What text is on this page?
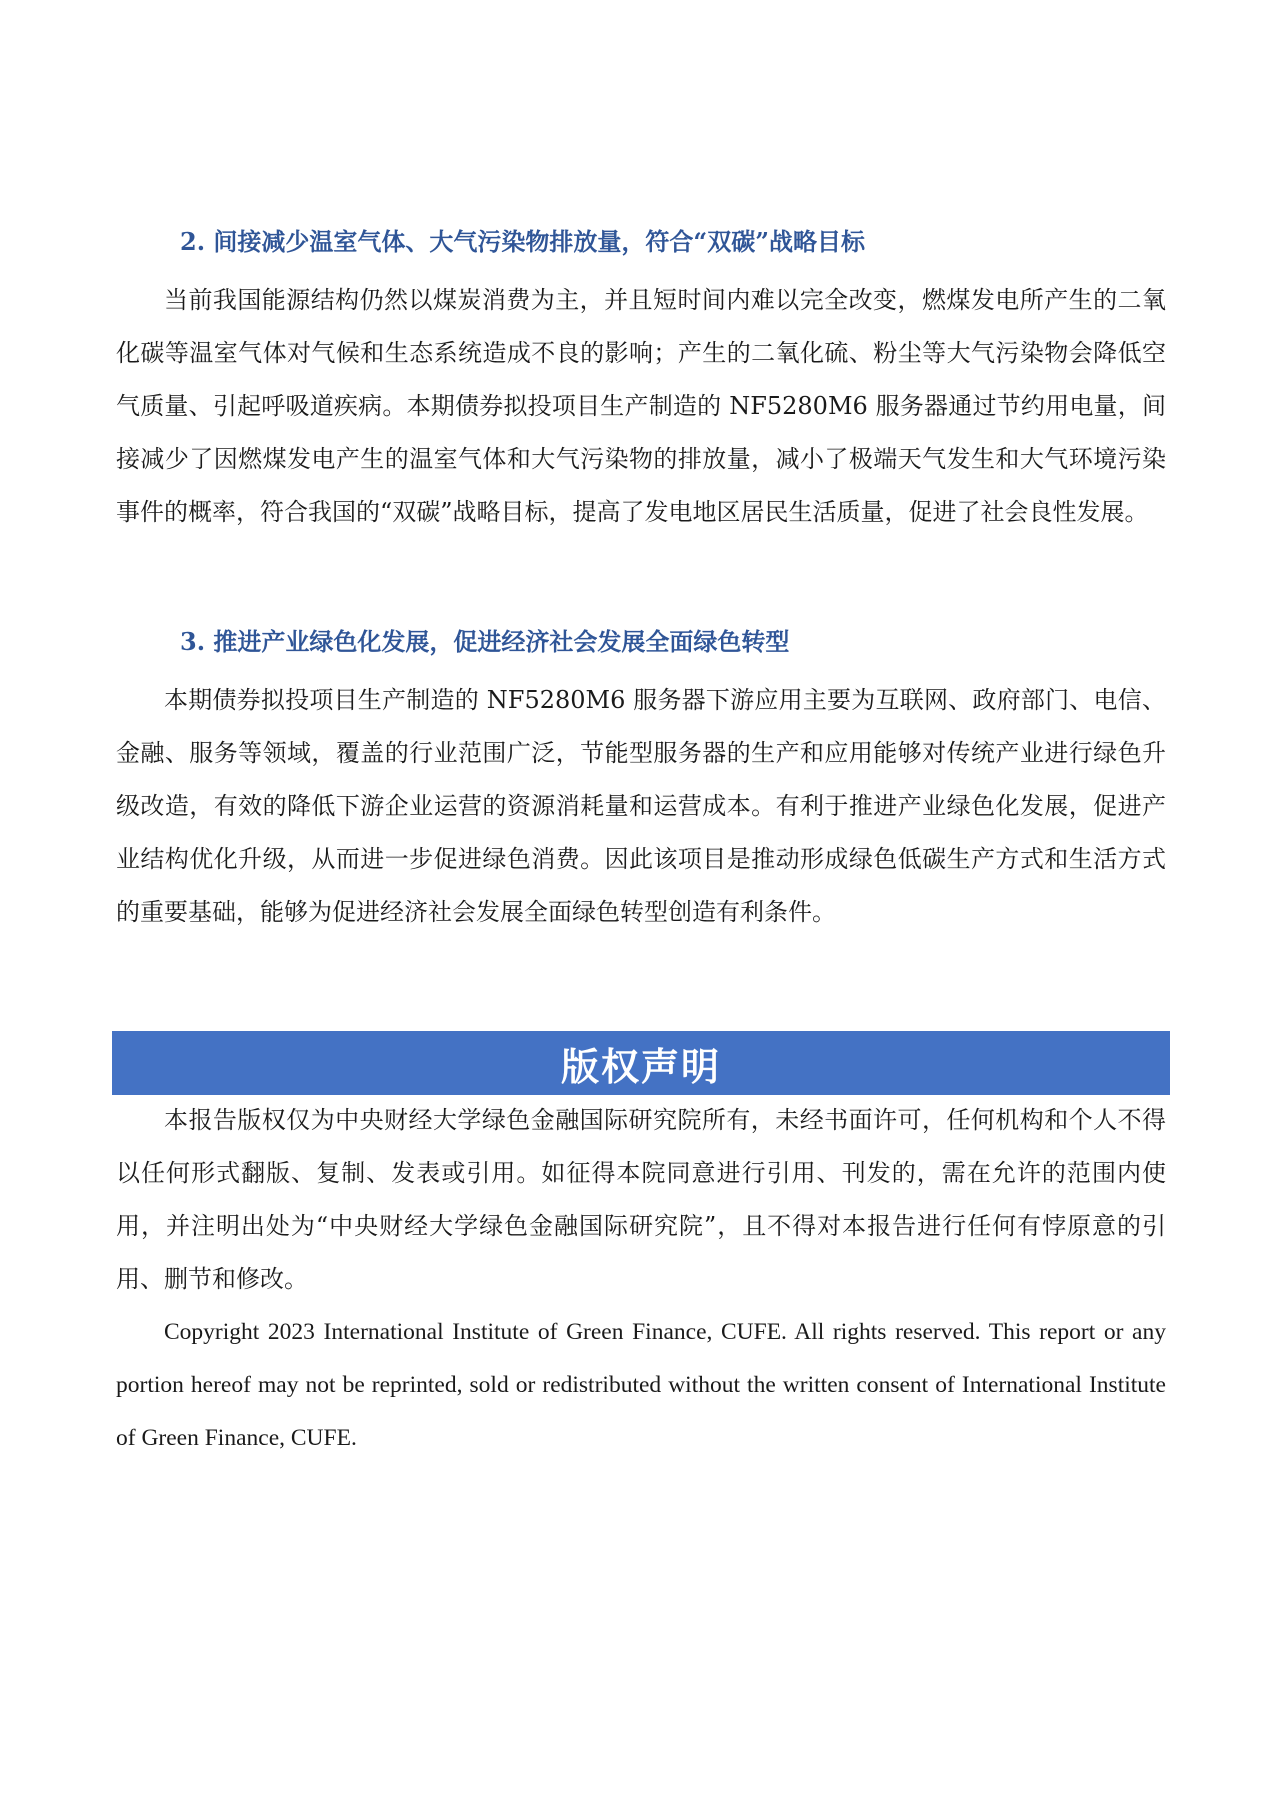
2. 间接减少温室气体、大气污染物排放量，符合“双碳”战略目标

当前我国能源结构仍然以煤炭消费为主，并且短时间内难以完全改变，燃煤发电所产生的二氧化碳等温室气体对气候和生态系统造成不良的影响；产生的二氧化硫、粉尘等大气污染物会降低空气质量、引起呼吸道疾病。本期债券拟投项目生产制造的 NF5280M6 服务器通过节约用电量，间接减少了因燃煤发电产生的温室气体和大气污染物的排放量，减小了极端天气发生和大气环境污染事件的概率，符合我国的“双碳”战略目标，提高了发电地区居民生活质量，促进了社会良性发展。

3. 推进产业绿色化发展，促进经济社会发展全面绿色转型

本期债券拟投项目生产制造的 NF5280M6 服务器下游应用主要为互联网、政府部门、电信、金融、服务等领域，覆盖的行业范围广泛，节能型服务器的生产和应用能够对传统产业进行绿色升级改造，有效的降低下游企业运营的资源消耗量和运营成本。有利于推进产业绿色化发展，促进产业结构优化升级，从而进一步促进绿色消费。因此该项目是推动形成绿色低碳生产方式和生活方式的重要基础，能够为促进经济社会发展全面绿色转型创造有利条件。

版权声明

本报告版权仅为中央财经大学绿色金融国际研究院所有，未经书面许可，任何机构和个人不得以任何形式翻版、复制、发表或引用。如征得本院同意进行引用、刊发的，需在允许的范围内使用，并注明出处为“中央财经大学绿色金融国际研究院”，且不得对本报告进行任何有悖原意的引用、删节和修改。

Copyright 2023 International Institute of Green Finance, CUFE. All rights reserved. This report or any portion hereof may not be reprinted, sold or redistributed without the written consent of International Institute of Green Finance, CUFE.
